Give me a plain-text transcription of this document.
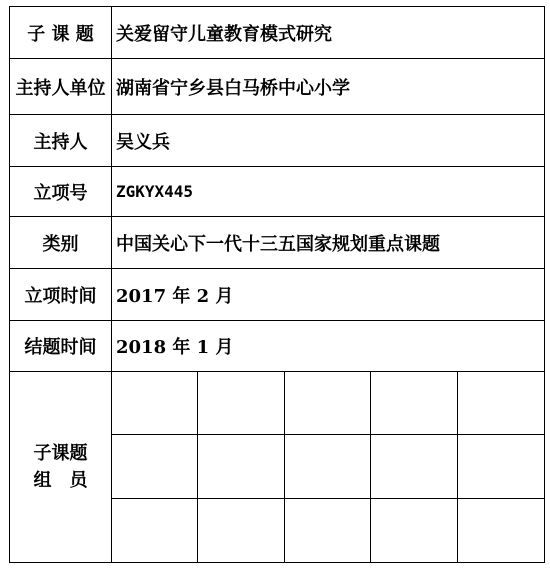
子 课 题	关爱留守儿童教育模式研究
主持人单位 湖南省宁乡县白马桥中心小学
主持人	吴义兵
立项号	ZGKYX445
类别	中国关心下一代十三五国家规划重点课题
立项时间	2017 年 2 月
结题时间	2018 年 1 月
子课题
组　员
